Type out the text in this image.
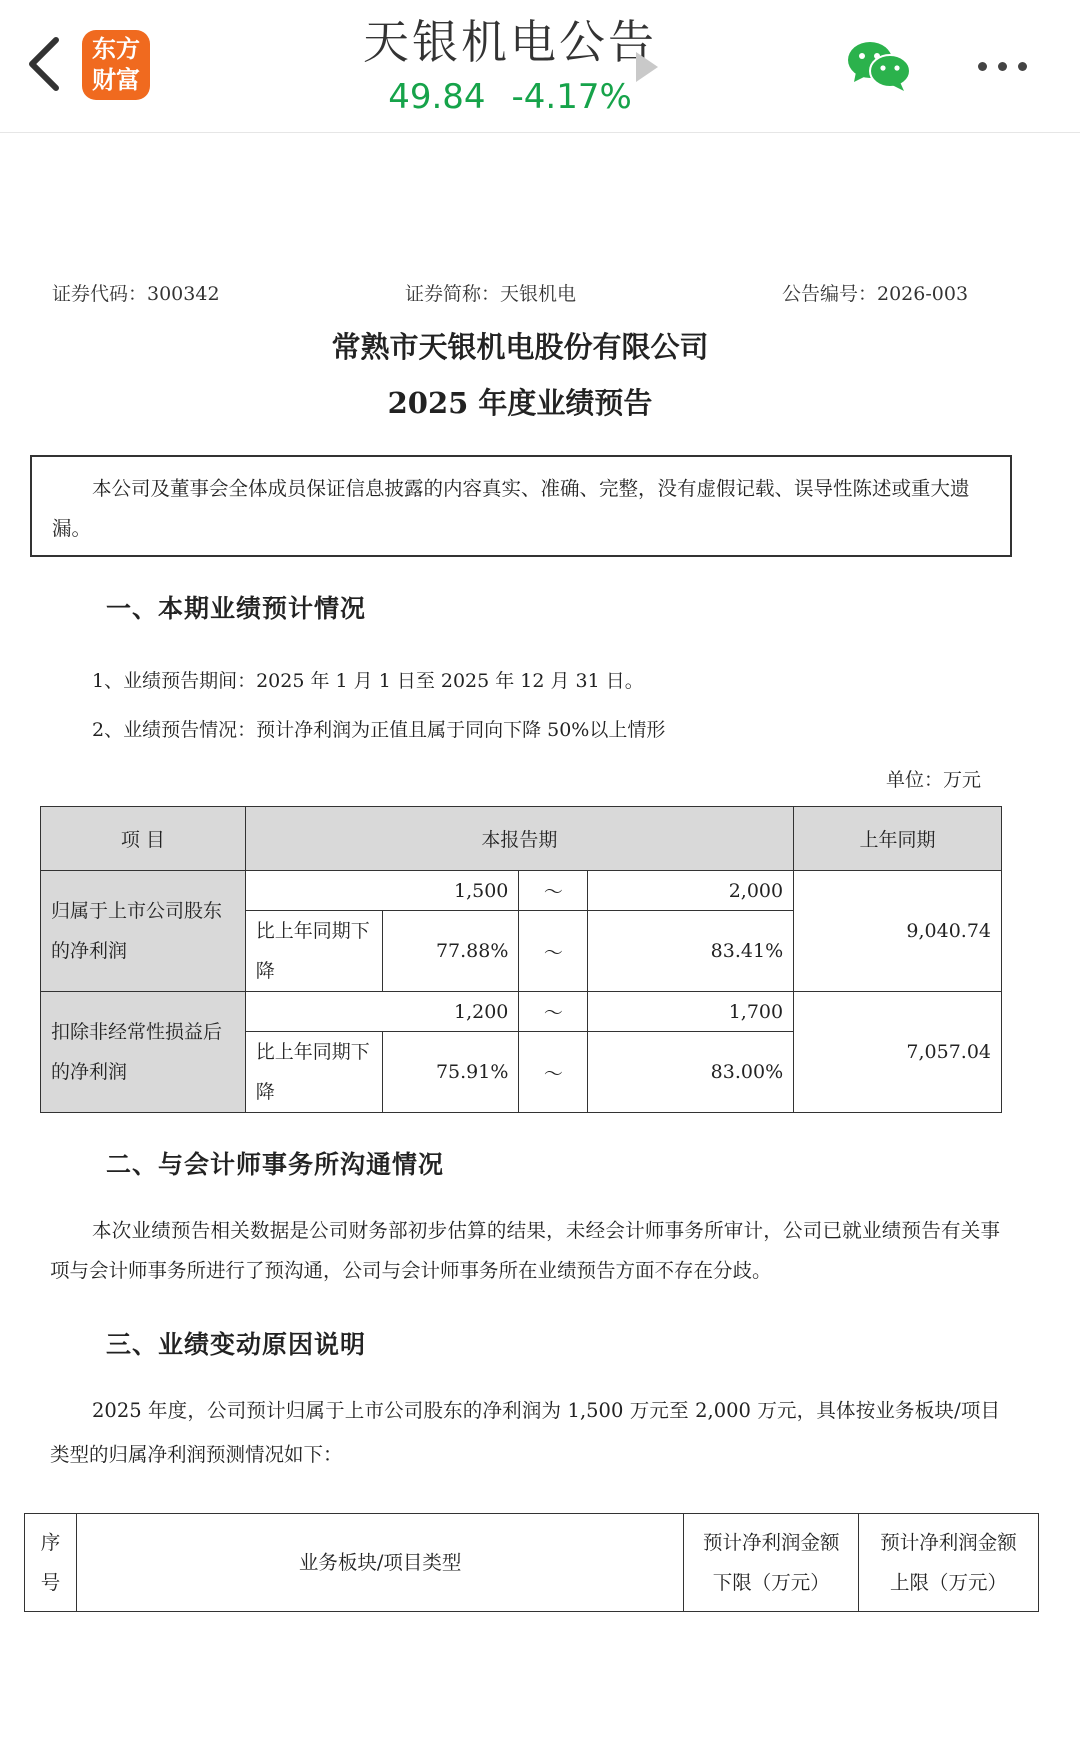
东方
财富
天银机电公告
49.84 -4.17%
证券代码：300342	证券简称：天银机电	公告编号：2026-003
常熟市天银机电股份有限公司
2025 年度业绩预告
本公司及董事会全体成员保证信息披露的内容真实、准确、完整，没有虚假记载、误导性陈述或重大遗漏。
一、本期业绩预计情况
1、业绩预告期间：2025 年 1 月 1 日至 2025 年 12 月 31 日。
2、业绩预告情况：预计净利润为正值且属于同向下降 50%以上情形
单位：万元
项 目	本报告期				上年同期
归属于上市公司股东的净利润	1,500		～	2,000	9,040.74
	比上年同期下降	77.88%	～	83.41%	
扣除非经常性损益后的净利润	1,200		～	1,700	7,057.04
	比上年同期下降	75.91%	～	83.00%	
二、与会计师事务所沟通情况
本次业绩预告相关数据是公司财务部初步估算的结果，未经会计师事务所审计，公司已就业绩预告有关事项与会计师事务所进行了预沟通，公司与会计师事务所在业绩预告方面不存在分歧。
三、业绩变动原因说明
2025 年度，公司预计归属于上市公司股东的净利润为 1,500 万元至 2,000 万元，具体按业务板块/项目类型的归属净利润预测情况如下：
序号	业务板块/项目类型	预计净利润金额下限（万元）	预计净利润金额上限（万元）
